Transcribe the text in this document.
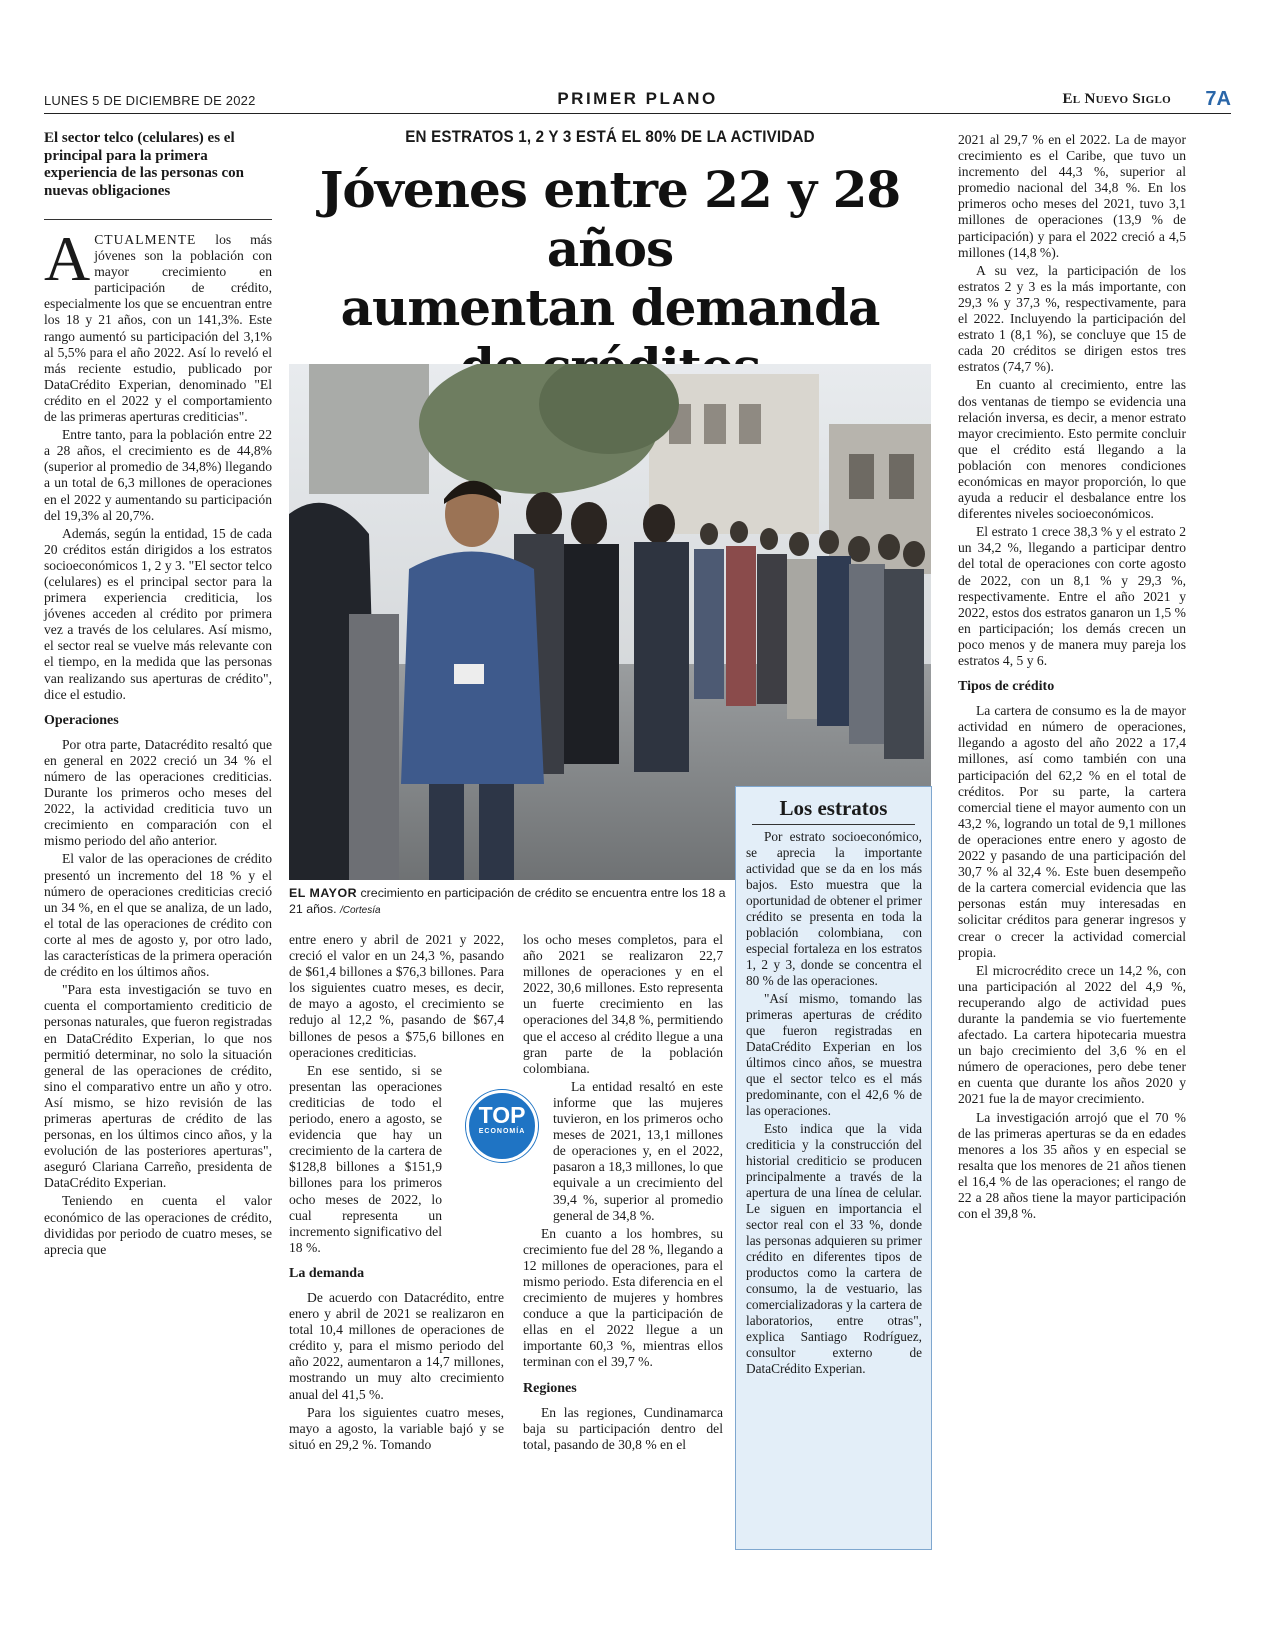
LUNES 5 DE DICIEMBRE DE 2022	PRIMER PLANO	El Nuevo Siglo 7A
El sector telco (celulares) es el principal para la primera experiencia de las personas con nuevas obligaciones

ACTUALMENTE los más jóvenes son la población con mayor crecimiento en participación de crédito, especialmente los que se encuentran entre los 18 y 21 años, con un 141,3%. Este rango aumentó su participación del 3,1% al 5,5% para el año 2022. Así lo reveló el más reciente estudio, publicado por DataCrédito Experian, denominado "El crédito en el 2022 y el comportamiento de las primeras aperturas crediticias".

Entre tanto, para la población entre 22 a 28 años, el crecimiento es de 44,8% (superior al promedio de 34,8%) llegando a un total de 6,3 millones de operaciones en el 2022 y aumentando su participación del 19,3% al 20,7%.

Además, según la entidad, 15 de cada 20 créditos están dirigidos a los estratos socioeconómicos 1, 2 y 3. "El sector telco (celulares) es el principal sector para la primera experiencia crediticia, los jóvenes acceden al crédito por primera vez a través de los celulares. Así mismo, el sector real se vuelve más relevante con el tiempo, en la medida que las personas van realizando sus aperturas de crédito", dice el estudio.

Operaciones

Por otra parte, Datacrédito resaltó que en general en 2022 creció un 34 % el número de las operaciones crediticias. Durante los primeros ocho meses del 2022, la actividad crediticia tuvo un crecimiento en comparación con el mismo periodo del año anterior.

El valor de las operaciones de crédito presentó un incremento del 18 % y el número de operaciones crediticias creció un 34 %, en el que se analiza, de un lado, el total de las operaciones de crédito con corte al mes de agosto y, por otro lado, las características de la primera operación de crédito en los últimos años.

"Para esta investigación se tuvo en cuenta el comportamiento crediticio de personas naturales, que fueron registradas en DataCrédito Experian, lo que nos permitió determinar, no solo la situación general de las operaciones de crédito, sino el comparativo entre un año y otro. Así mismo, se hizo revisión de las primeras aperturas de crédito de las personas, en los últimos cinco años, y la evolución de las posteriores aperturas", aseguró Clariana Carreño, presidenta de DataCrédito Experian.

Teniendo en cuenta el valor económico de las operaciones de crédito, divididas por periodo de cuatro meses, se aprecia que

EN ESTRATOS 1, 2 Y 3 ESTÁ EL 80% DE LA ACTIVIDAD
Jóvenes entre 22 y 28 años
aumentan demanda
EL MAYOR crecimiento en participación de crédito se encuentra entre los 18 a 21 años. /Cortesía

entre enero y abril de 2021 y 2022, creció el valor en un 24,3 %, pasando de $61,4 billones a $76,3 billones. Para los siguientes cuatro meses, es decir, de mayo a agosto, el crecimiento se redujo al 12,2 %, pasando de $67,4 billones de pesos a $75,6 billones en operaciones crediticias.

En ese sentido, si se presentan las operaciones crediticias de todo el periodo, enero a agosto, se evidencia que hay un crecimiento de la cartera de $128,8 billones a $151,9 billones para los primeros ocho meses de 2022, lo cual representa un incremento significativo del 18 %.

La demanda

De acuerdo con Datacrédito, entre enero y abril de 2021 se realizaron en total 10,4 millones de operaciones de crédito y, para el mismo periodo del año 2022, aumentaron a 14,7 millones, mostrando un muy alto crecimiento anual del 41,5 %.

Para los siguientes cuatro meses, mayo a agosto, la variable bajó y se situó en 29,2 %. Tomando

los ocho meses completos, para el año 2021 se realizaron 22,7 millones de operaciones y en el 2022, 30,6 millones. Esto representa un fuerte crecimiento en las operaciones del 34,8 %, permitiendo que el acceso al crédito llegue a una gran parte de la población colombiana.

La entidad resaltó en este informe que las mujeres tuvieron, en los primeros ocho meses de 2021, 13,1 millones de operaciones y, en el 2022, pasaron a 18,3 millones, lo que equivale a un crecimiento del 39,4 %, superior al promedio general de 34,8 %.

En cuanto a los hombres, su crecimiento fue del 28 %, llegando a 12 millones de operaciones, para el mismo periodo. Esta diferencia en el crecimiento de mujeres y hombres conduce a que la participación de ellas en el 2022 llegue a un importante 60,3 %, mientras ellos terminan con el 39,7 %.

Regiones

En las regiones, Cundinamarca baja su participación dentro del total, pasando de 30,8 % en el

TOP
ECONOMÍA
Los estratos

Por estrato socioeconómico, se aprecia la importante actividad que se da en los más bajos. Esto muestra que la oportunidad de obtener el primer crédito se presenta en toda la población colombiana, con especial fortaleza en los estratos 1, 2 y 3, donde se concentra el 80 % de las operaciones.

"Así mismo, tomando las primeras aperturas de crédito que fueron registradas en DataCrédito Experian en los últimos cinco años, se muestra que el sector telco es el más predominante, con el 42,6 % de las operaciones.

Esto indica que la vida crediticia y la construcción del historial crediticio se producen principalmente a través de la apertura de una línea de celular. Le siguen en importancia el sector real con el 33 %, donde las personas adquieren su primer crédito en diferentes tipos de productos como la cartera de consumo, la de vestuario, las comercializadoras y la cartera de laboratorios, entre otras", explica Santiago Rodríguez, consultor externo de DataCrédito Experian.

2021 al 29,7 % en el 2022. La de mayor crecimiento es el Caribe, que tuvo un incremento del 44,3 %, superior al promedio nacional del 34,8 %. En los primeros ocho meses del 2021, tuvo 3,1 millones de operaciones (13,9 % de participación) y para el 2022 creció a 4,5 millones (14,8 %).

A su vez, la participación de los estratos 2 y 3 es la más importante, con 29,3 % y 37,3 %, respectivamente, para el 2022. Incluyendo la participación del estrato 1 (8,1 %), se concluye que 15 de cada 20 créditos se dirigen estos tres estratos (74,7 %).

En cuanto al crecimiento, entre las dos ventanas de tiempo se evidencia una relación inversa, es decir, a menor estrato mayor crecimiento. Esto permite concluir que el crédito está llegando a la población con menores condiciones económicas en mayor proporción, lo que ayuda a reducir el desbalance entre los diferentes niveles socioeconómicos.

El estrato 1 crece 38,3 % y el estrato 2 un 34,2 %, llegando a participar dentro del total de operaciones con corte agosto de 2022, con un 8,1 % y 29,3 %, respectivamente. Entre el año 2021 y 2022, estos dos estratos ganaron un 1,5 % en participación; los demás crecen un poco menos y de manera muy pareja los estratos 4, 5 y 6.

Tipos de crédito

La cartera de consumo es la de mayor actividad en número de operaciones, llegando a agosto del año 2022 a 17,4 millones, así como también con una participación del 62,2 % en el total de créditos. Por su parte, la cartera comercial tiene el mayor aumento con un 43,2 %, logrando un total de 9,1 millones de operaciones entre enero y agosto de 2022 y pasando de una participación del 30,7 % al 32,4 %. Este buen desempeño de la cartera comercial evidencia que las personas están muy interesadas en solicitar créditos para generar ingresos y crear o crecer la actividad comercial propia.

El microcrédito crece un 14,2 %, con una participación al 2022 del 4,9 %, recuperando algo de actividad pues durante la pandemia se vio fuertemente afectado. La cartera hipotecaria muestra un bajo crecimiento del 3,6 % en el número de operaciones, pero debe tener en cuenta que durante los años 2020 y 2021 fue la de mayor crecimiento.

La investigación arrojó que el 70 % de las primeras aperturas se da en edades menores a los 35 años y en especial se resalta que los menores de 21 años tienen el 16,4 % de las operaciones; el rango de 22 a 28 años tiene la mayor participación con el 39,8 %.
